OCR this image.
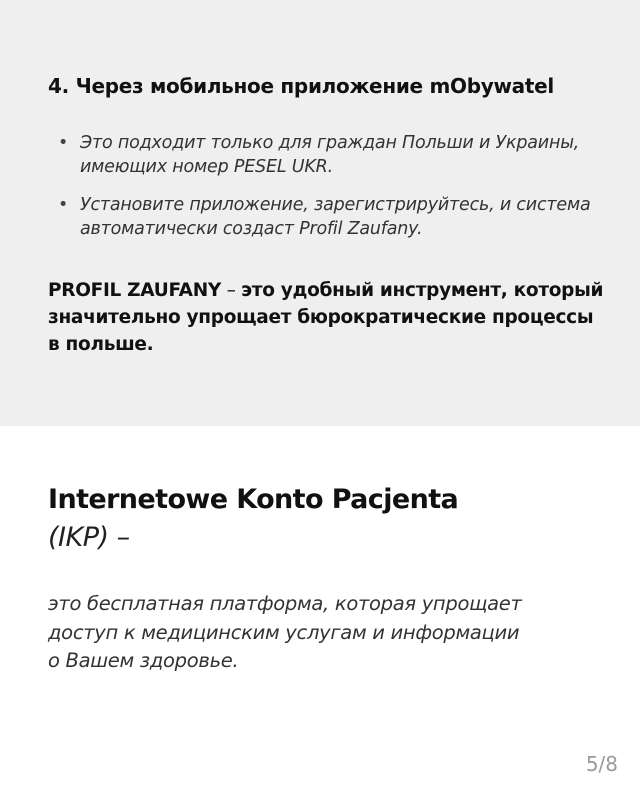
4. Через мобильное приложение mObywatel
• Это подходит только для граждан Польши и Украины, имеющих номер PESEL UKR.
• Установите приложение, зарегистрируйтесь, и система автоматически создаст Profil Zaufany.

PROFIL ZAUFANY – это удобный инструмент, который значительно упрощает бюрократические процессы в польше.

Internetowe Konto Pacjenta
(IKP) –

это бесплатная платформа, которая упрощает доступ к медицинским услугам и информации о Вашем здоровье.

5/8
